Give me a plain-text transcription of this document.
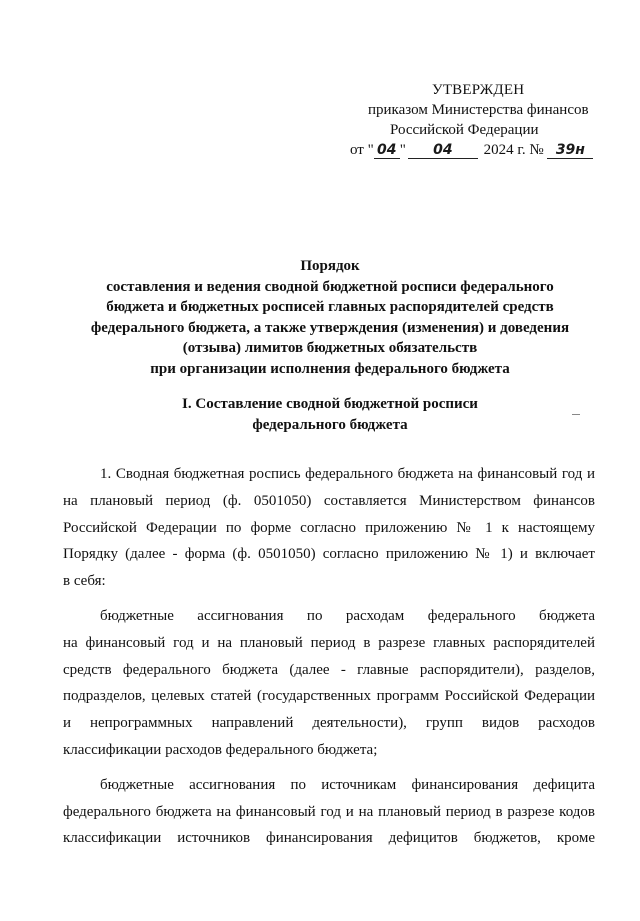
УТВЕРЖДЕН
приказом Министерства финансов
Российской Федерации
от " 04 " 04 2024 г. № 39н
Порядок
составления и ведения сводной бюджетной росписи федерального
бюджета и бюджетных росписей главных распорядителей средств
федерального бюджета, а также утверждения (изменения) и доведения
(отзыва) лимитов бюджетных обязательств
при организации исполнения федерального бюджета
I. Составление сводной бюджетной росписи
федерального бюджета
1. Сводная бюджетная роспись федерального бюджета на финансовый год и
на плановый период (ф. 0501050) составляется Министерством финансов
Российской Федерации по форме согласно приложению № 1 к настоящему
Порядку (далее - форма (ф. 0501050) согласно приложению № 1) и включает
в себя:
бюджетные ассигнования по расходам федерального бюджета
на финансовый год и на плановый период в разрезе главных распорядителей
средств федерального бюджета (далее - главные распорядители), разделов,
подразделов, целевых статей (государственных программ Российской Федерации
и непрограммных направлений деятельности), групп видов расходов
классификации расходов федерального бюджета;
бюджетные ассигнования по источникам финансирования дефицита
федерального бюджета на финансовый год и на плановый период в разрезе кодов
классификации источников финансирования дефицитов бюджетов, кроме
